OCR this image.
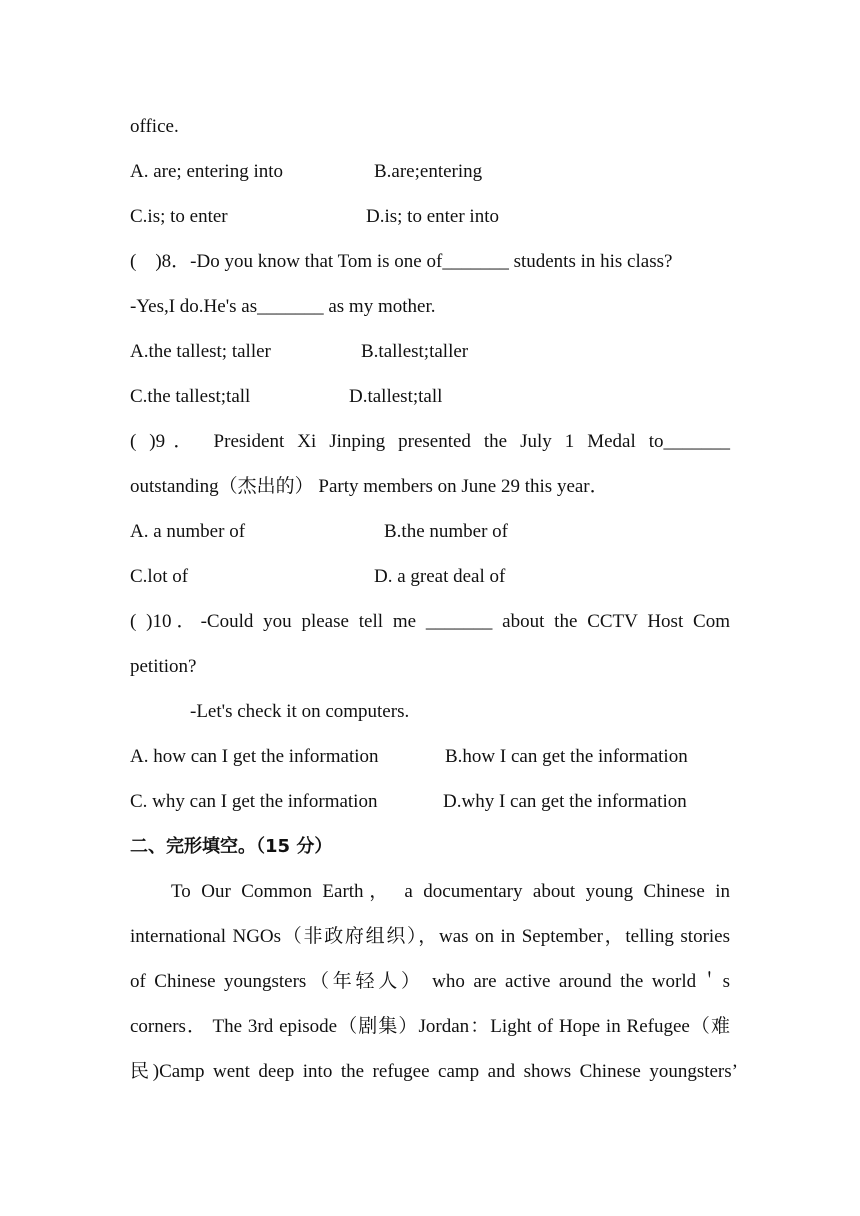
office.
A. are; entering into	B.are;entering
C.is; to enter	D.is; to enter into
(    )8．-Do you know that Tom is one of_______ students in his class?
-Yes,I do.He's as_______ as my mother.
A.the tallest; taller	B.tallest;taller
C.the tallest;tall	D.tallest;tall
( )9． President Xi Jinping presented the July 1 Medal to_______
outstanding（杰出的） Party members on June 29 this year．
A. a number of	B.the number of
C.lot of	D. a great deal of
( )10．-Could you please tell me _______ about the CCTV Host Com
petition?
-Let's check it on computers.
A. how can I get the information	B.how I can get the information
C. why can I get the information	D.why I can get the information
二、完形填空。（15 分）
To Our Common Earth， a documentary about young Chinese in
international NGOs（非政府组织），was on in September，telling stories
of Chinese youngsters（年轻人） who are active around the world＇s
corners． The 3rd episode（剧集）Jordan：Light of Hope in Refugee（难
民)Camp went deep into the refugee camp and shows Chinese youngsters’
